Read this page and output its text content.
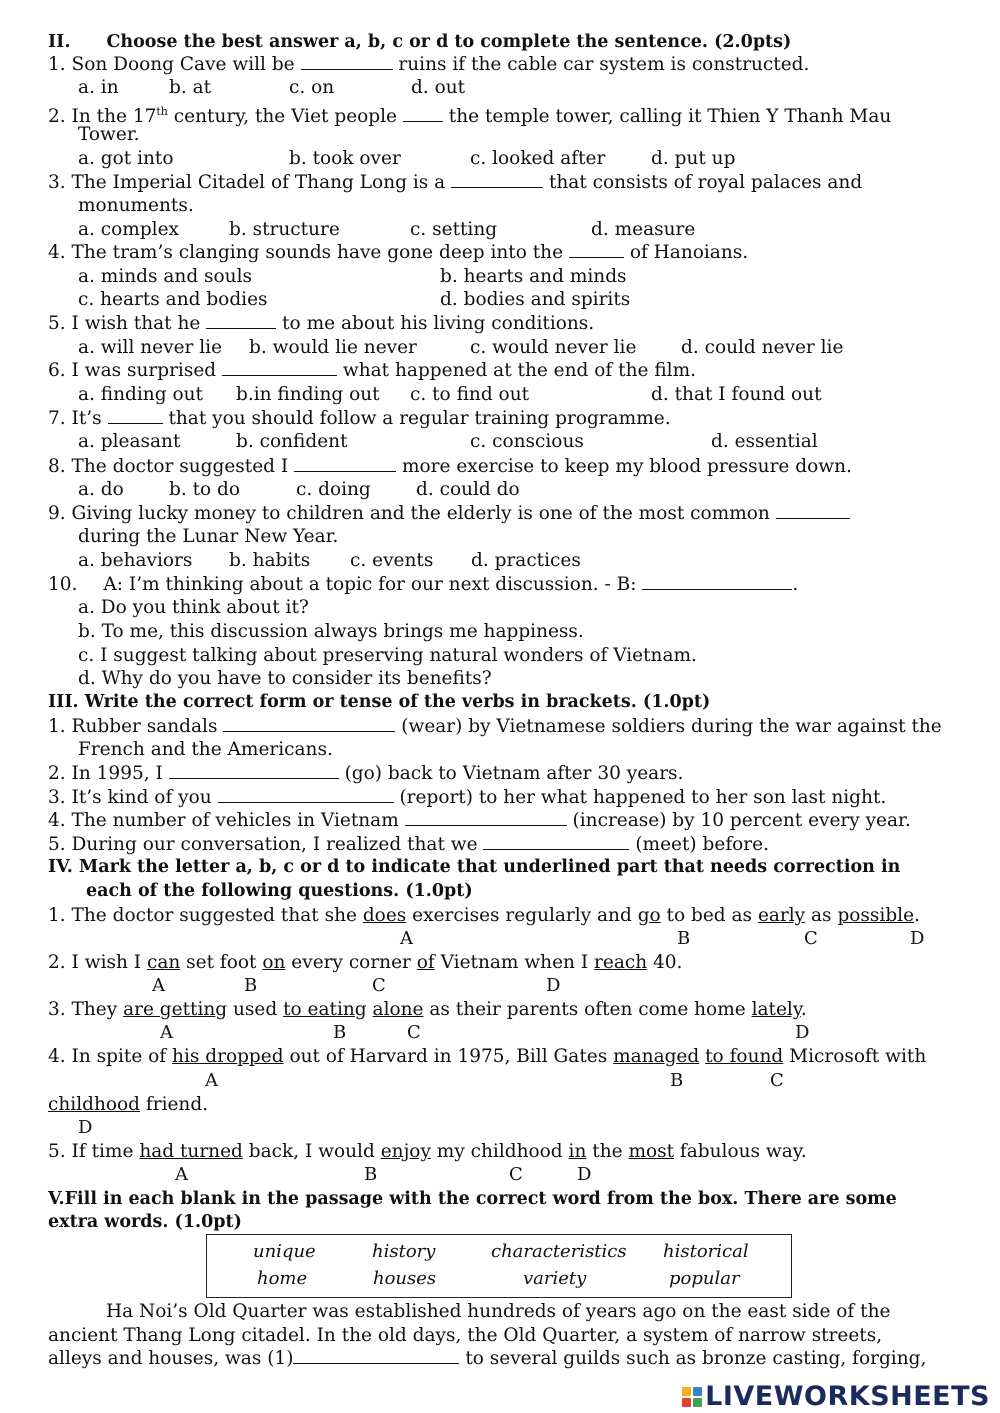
II. Choose the best answer a, b, c or d to complete the sentence. (2.0pts)
1. Son Doong Cave will be	ruins if the cable car system is constructed.
a. in	b. at	c. on	d. out
2. In the 17th century, the Viet people	the temple tower, calling it Thien Y Thanh Mau
Tower.
a. got into	b. took over	c. looked after d. put up
3. The Imperial Citadel of Thang Long is a	that consists of royal palaces and
monuments.
a. complex	b. structure	c. setting	d. measure
4. The tram’s clanging sounds have gone deep into the	of Hanoians.
a. minds and souls	b. hearts and minds
c. hearts and bodies	d. bodies and spirits
5. I wish that he	to me about his living conditions.
a. will never lie b. would lie never	c. would never lie d. could never lie
6. I was surprised	what happened at the end of the film.
a. finding out b.in finding out c. to find out	d. that I found out
7. It’s	that you should follow a regular training programme.
a. pleasant	b. confident	c. conscious	d. essential
8. The doctor suggested I	more exercise to keep my blood pressure down.
a. do b. to do	c. doing d. could do
9. Giving lucky money to children and the elderly is one of the most common
during the Lunar New Year.
a. behaviors b. habits c. events d. practices
10. A: I’m thinking about a topic for our next discussion. - B:	.
a. Do you think about it?
b. To me, this discussion always brings me happiness.
c. I suggest talking about preserving natural wonders of Vietnam.
d. Why do you have to consider its benefits?
III. Write the correct form or tense of the verbs in brackets. (1.0pt)
1. Rubber sandals	(wear) by Vietnamese soldiers during the war against the
French and the Americans.
2. In 1995, I	(go) back to Vietnam after 30 years.
3. It’s kind of you	(report) to her what happened to her son last night.
4. The number of vehicles in Vietnam	(increase) by 10 percent every year.
5. During our conversation, I realized that we	(meet) before.
IV. Mark the letter a, b, c or d to indicate that underlined part that needs correction in
each of the following questions. (1.0pt)
1. The doctor suggested that she does exercises regularly and go to bed as early as possible.
A	B	C	D
2. I wish I can set foot on every corner of Vietnam when I reach 40.
A	B	C	D
3. They are getting used to eating alone as their parents often come home lately.
A	B	C	D
4. In spite of his dropped out of Harvard in 1975, Bill Gates managed to found Microsoft with
A	B	C
childhood friend.
D
5. If time had turned back, I would enjoy my childhood in the most fabulous way.
A	B	C	D
V.Fill in each blank in the passage with the correct word from the box. There are some
extra words. (1.0pt)
unique	history	characteristics historical
home	houses	variety	popular
Ha Noi’s Old Quarter was established hundreds of years ago on the east side of the
ancient Thang Long citadel. In the old days, the Old Quarter, a system of narrow streets,
alleys and houses, was (1)	to several guilds such as bronze casting, forging,
LIVEWORKSHEETS
